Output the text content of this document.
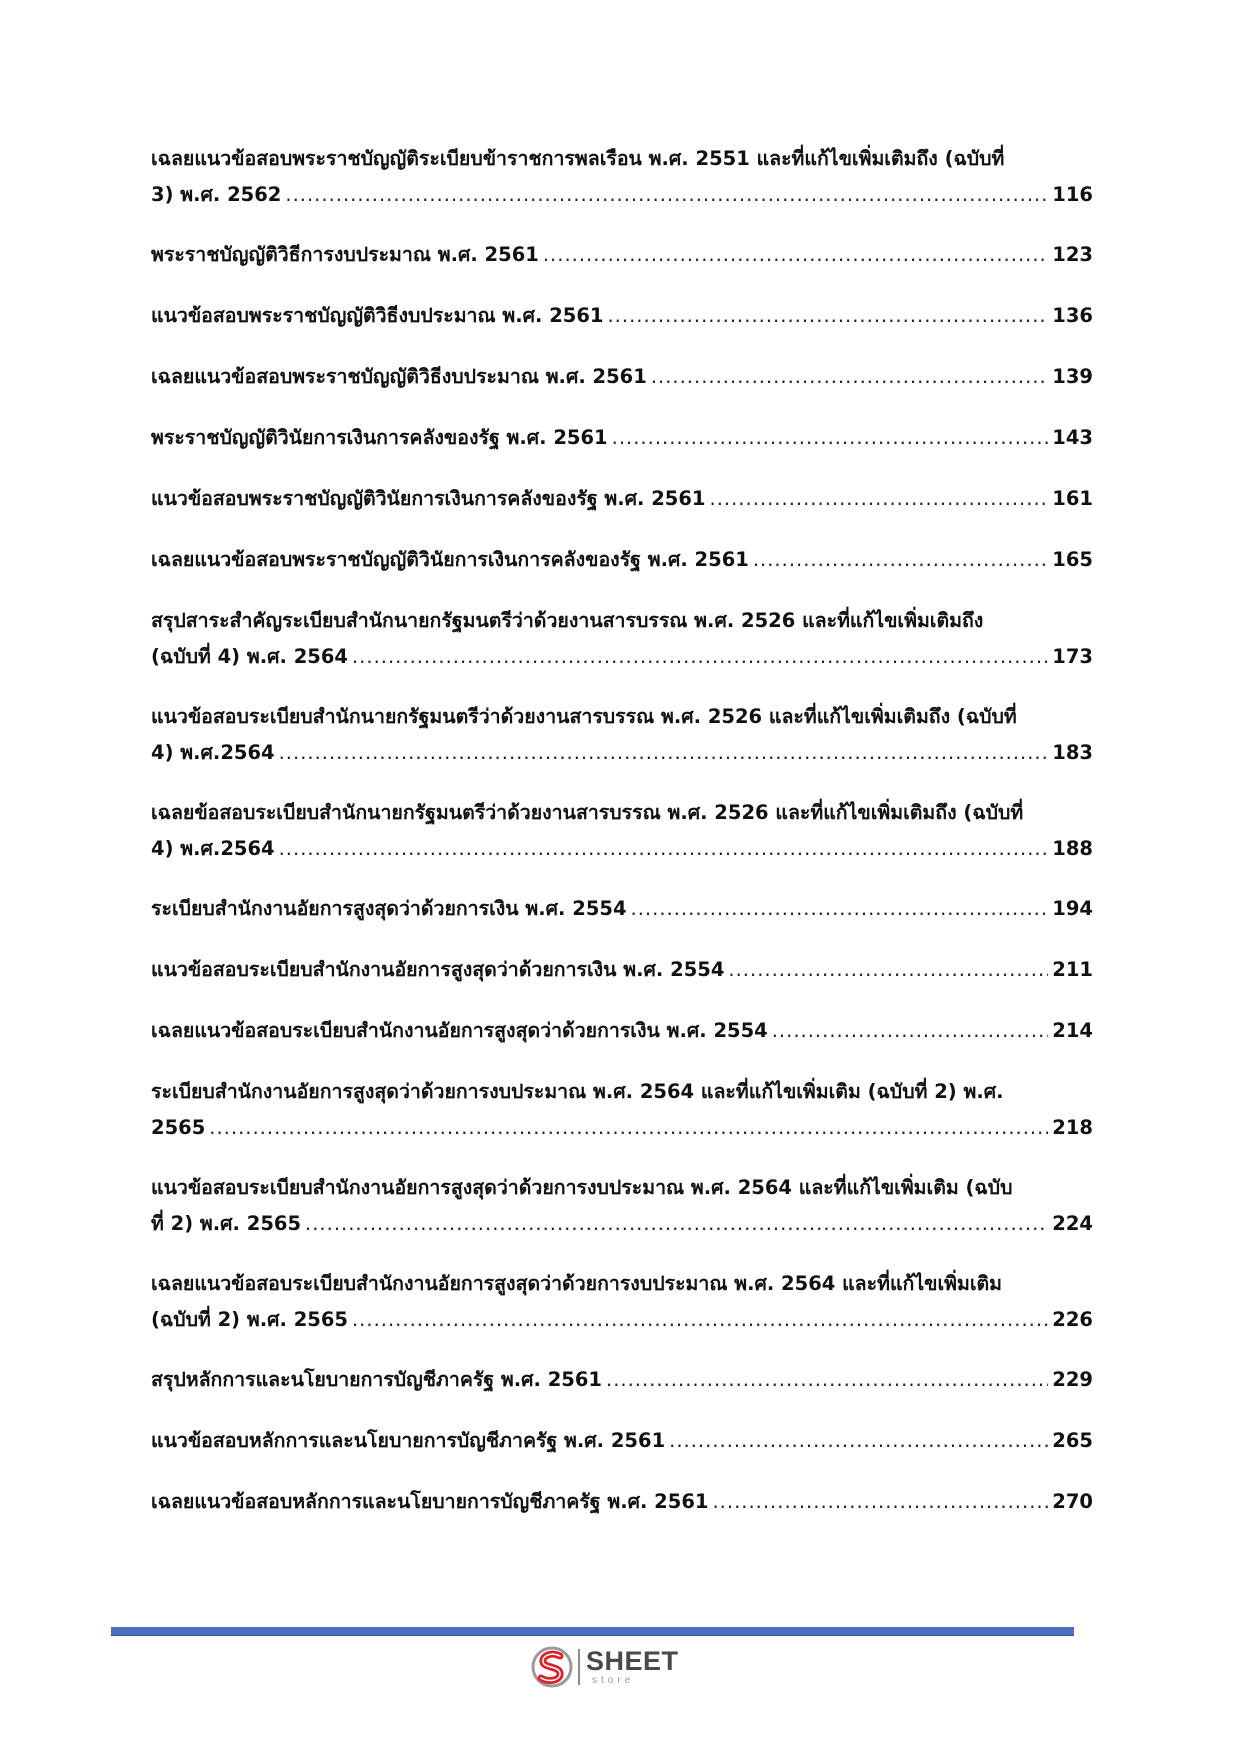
เฉลยแนวข้อสอบพระราชบัญญัติระเบียบข้าราชการพลเรือน พ.ศ. 2551 และที่แก้ไขเพิ่มเติมถึง (ฉบับที่
3) พ.ศ. 2562 .....	116
พระราชบัญญัติวิธีการงบประมาณ พ.ศ. 2561 .....	123
แนวข้อสอบพระราชบัญญัติวิธีงบประมาณ พ.ศ. 2561 .....	136
เฉลยแนวข้อสอบพระราชบัญญัติวิธีงบประมาณ พ.ศ. 2561 .....	139
พระราชบัญญัติวินัยการเงินการคลังของรัฐ พ.ศ. 2561 .....	143
แนวข้อสอบพระราชบัญญัติวินัยการเงินการคลังของรัฐ พ.ศ. 2561 .....	161
เฉลยแนวข้อสอบพระราชบัญญัติวินัยการเงินการคลังของรัฐ พ.ศ. 2561 .....	165
สรุปสาระสำคัญระเบียบสำนักนายกรัฐมนตรีว่าด้วยงานสารบรรณ พ.ศ. 2526 และที่แก้ไขเพิ่มเติมถึง
(ฉบับที่ 4) พ.ศ. 2564 .....	173
แนวข้อสอบระเบียบสำนักนายกรัฐมนตรีว่าด้วยงานสารบรรณ พ.ศ. 2526 และที่แก้ไขเพิ่มเติมถึง (ฉบับที่
4) พ.ศ.2564 .....	183
เฉลยข้อสอบระเบียบสำนักนายกรัฐมนตรีว่าด้วยงานสารบรรณ พ.ศ. 2526 และที่แก้ไขเพิ่มเติมถึง (ฉบับที่
4) พ.ศ.2564 .....	188
ระเบียบสำนักงานอัยการสูงสุดว่าด้วยการเงิน พ.ศ. 2554 .....	194
แนวข้อสอบระเบียบสำนักงานอัยการสูงสุดว่าด้วยการเงิน พ.ศ. 2554 .....	211
เฉลยแนวข้อสอบระเบียบสำนักงานอัยการสูงสุดว่าด้วยการเงิน พ.ศ. 2554 .....	214
ระเบียบสำนักงานอัยการสูงสุดว่าด้วยการงบประมาณ พ.ศ. 2564 และที่แก้ไขเพิ่มเติม (ฉบับที่ 2) พ.ศ.
2565 .....	218
แนวข้อสอบระเบียบสำนักงานอัยการสูงสุดว่าด้วยการงบประมาณ พ.ศ. 2564 และที่แก้ไขเพิ่มเติม (ฉบับ
ที่ 2) พ.ศ. 2565 .....	224
เฉลยแนวข้อสอบระเบียบสำนักงานอัยการสูงสุดว่าด้วยการงบประมาณ พ.ศ. 2564 และที่แก้ไขเพิ่มเติม
(ฉบับที่ 2) พ.ศ. 2565 .....	226
สรุปหลักการและนโยบายการบัญชีภาครัฐ พ.ศ. 2561 .....	229
แนวข้อสอบหลักการและนโยบายการบัญชีภาครัฐ พ.ศ. 2561 .....	265
เฉลยแนวข้อสอบหลักการและนโยบายการบัญชีภาครัฐ พ.ศ. 2561 .....	270
SHEET
store
